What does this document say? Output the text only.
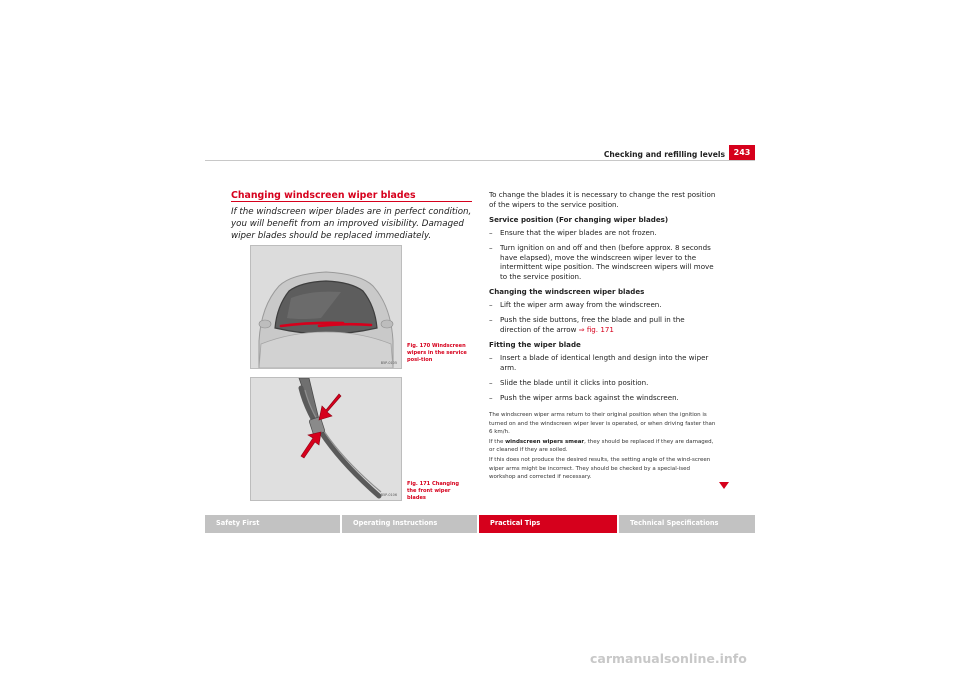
Checking and refilling levels	243
Changing windscreen wiper blades
If the windscreen wiper blades are in perfect condition, you will benefit from an improved visibility. Damaged wiper blades should be replaced immediately.
B5P-0105
Fig. 170 Windscreen wipers in the service posi-tion
B5P-0106
Fig. 171 Changing the front wiper blades

To change the blades it is necessary to change the rest position of the wipers to the service position.

Service position (For changing wiper blades)
– Ensure that the wiper blades are not frozen.
– Turn ignition on and off and then (before approx. 8 seconds have elapsed), move the windscreen wiper lever to the intermittent wipe position. The windscreen wipers will move to the service position.
Changing the windscreen wiper blades
– Lift the wiper arm away from the windscreen.
– Push the side buttons, free the blade and pull in the direction of the arrow ⇒ fig. 171
Fitting the wiper blade
– Insert a blade of identical length and design into the wiper arm.
– Slide the blade until it clicks into position.
– Push the wiper arms back against the windscreen.
The windscreen wiper arms return to their original position when the ignition is turned on and the windscreen wiper lever is operated, or when driving faster than 6 km/h.
If the windscreen wipers smear, they should be replaced if they are damaged, or cleaned if they are soiled.
If this does not produce the desired results, the setting angle of the wind-screen wiper arms might be incorrect. They should be checked by a special-ised workshop and corrected if necessary.
Safety First	Operating Instructions	Practical Tips	Technical Specifications
carmanualsonline.info
